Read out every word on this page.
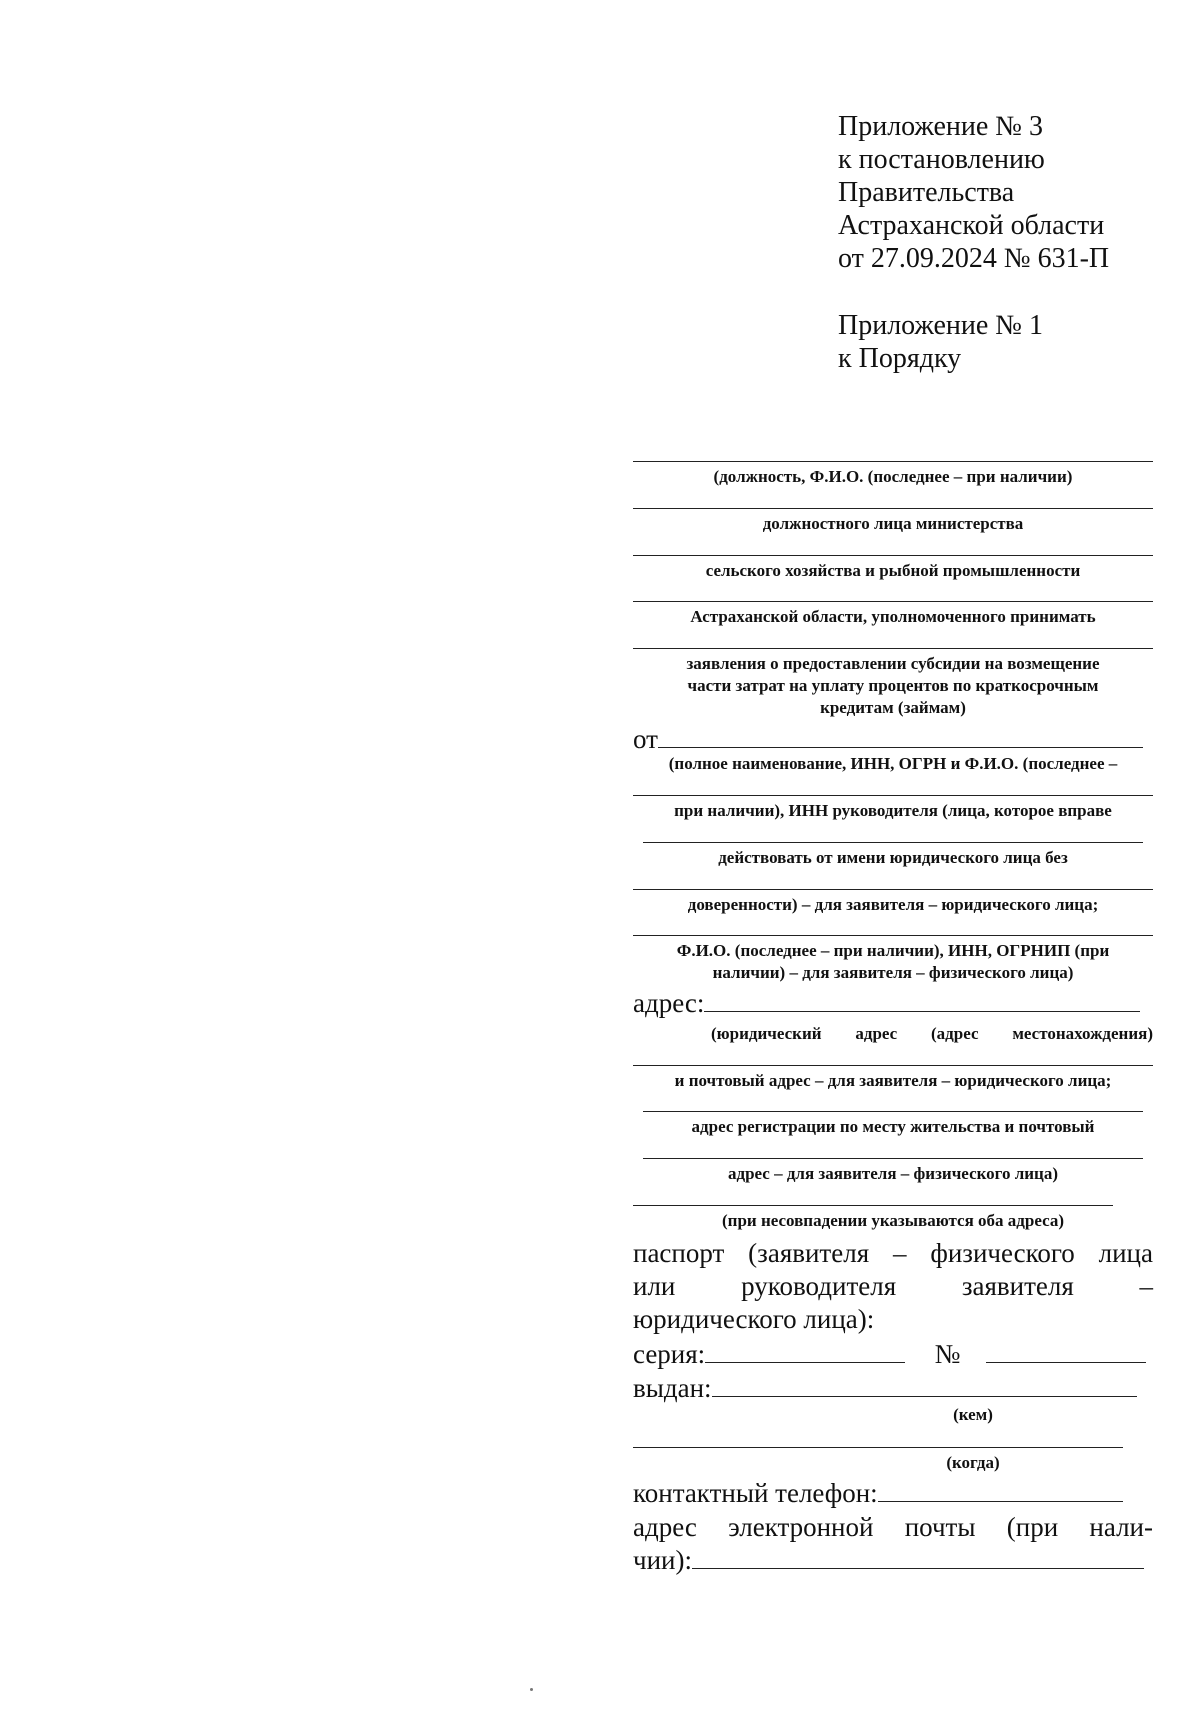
Приложение № 3
к постановлению
Правительства
Астраханской области
от 27.09.2024 № 631-П
Приложение № 1
к Порядку
(должность, Ф.И.О. (последнее – при наличии)
должностного лица министерства
сельского хозяйства и рыбной промышленности
Астраханской области, уполномоченного принимать
заявления о предоставлении субсидии на возмещение
части затрат на уплату процентов по краткосрочным
кредитам (займам)
от
(полное наименование, ИНН, ОГРН и Ф.И.О. (последнее –
при наличии), ИНН руководителя (лица, которое вправе
действовать от имени юридического лица без
доверенности) – для заявителя – юридического лица;
Ф.И.О. (последнее – при наличии), ИНН, ОГРНИП (при
наличии) – для заявителя – физического лица)
адрес:
(юридический адрес (адрес местонахождения)
и почтовый адрес – для заявителя – юридического лица;
адрес регистрации по месту жительства и почтовый
адрес – для заявителя – физического лица)
(при несовпадении указываются оба адреса)
паспорт (заявителя – физического лица
или руководителя заявителя –
юридического лица):
серия:	№
выдан:
(кем)
(когда)
контактный телефон:
адрес электронной почты (при нали-
чии):
